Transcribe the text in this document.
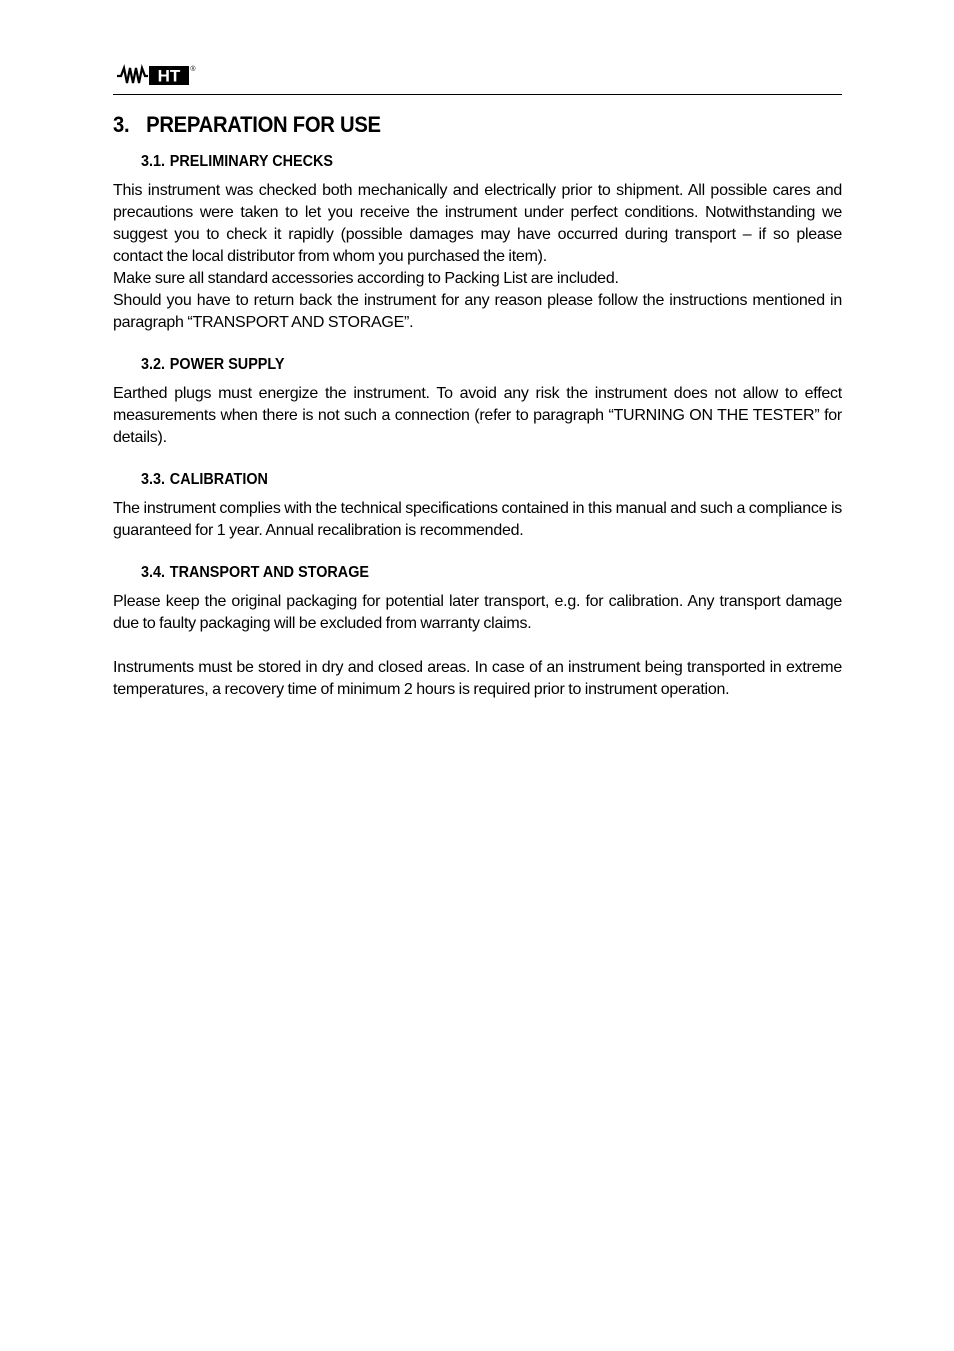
HT ®
3. PREPARATION FOR USE
3.1. PRELIMINARY CHECKS

This instrument was checked both mechanically and electrically prior to shipment. All possible cares and precautions were taken to let you receive the instrument under perfect conditions. Notwithstanding we suggest you to check it rapidly (possible damages may have occurred during transport – if so please contact the local distributor from whom you purchased the item).

Make sure all standard accessories according to Packing List are included.

Should you have to return back the instrument for any reason please follow the instructions mentioned in paragraph “TRANSPORT AND STORAGE”.

3.2. POWER SUPPLY

Earthed plugs must energize the instrument. To avoid any risk the instrument does not allow to effect measurements when there is not such a connection (refer to paragraph “TURNING ON THE TESTER” for details).

3.3. CALIBRATION

The instrument complies with the technical specifications contained in this manual and such a compliance is guaranteed for 1 year. Annual recalibration is recommended.

3.4. TRANSPORT AND STORAGE

Please keep the original packaging for potential later transport, e.g. for calibration. Any transport damage due to faulty packaging will be excluded from warranty claims.

Instruments must be stored in dry and closed areas. In case of an instrument being transported in extreme temperatures, a recovery time of minimum 2 hours is required prior to instrument operation.
